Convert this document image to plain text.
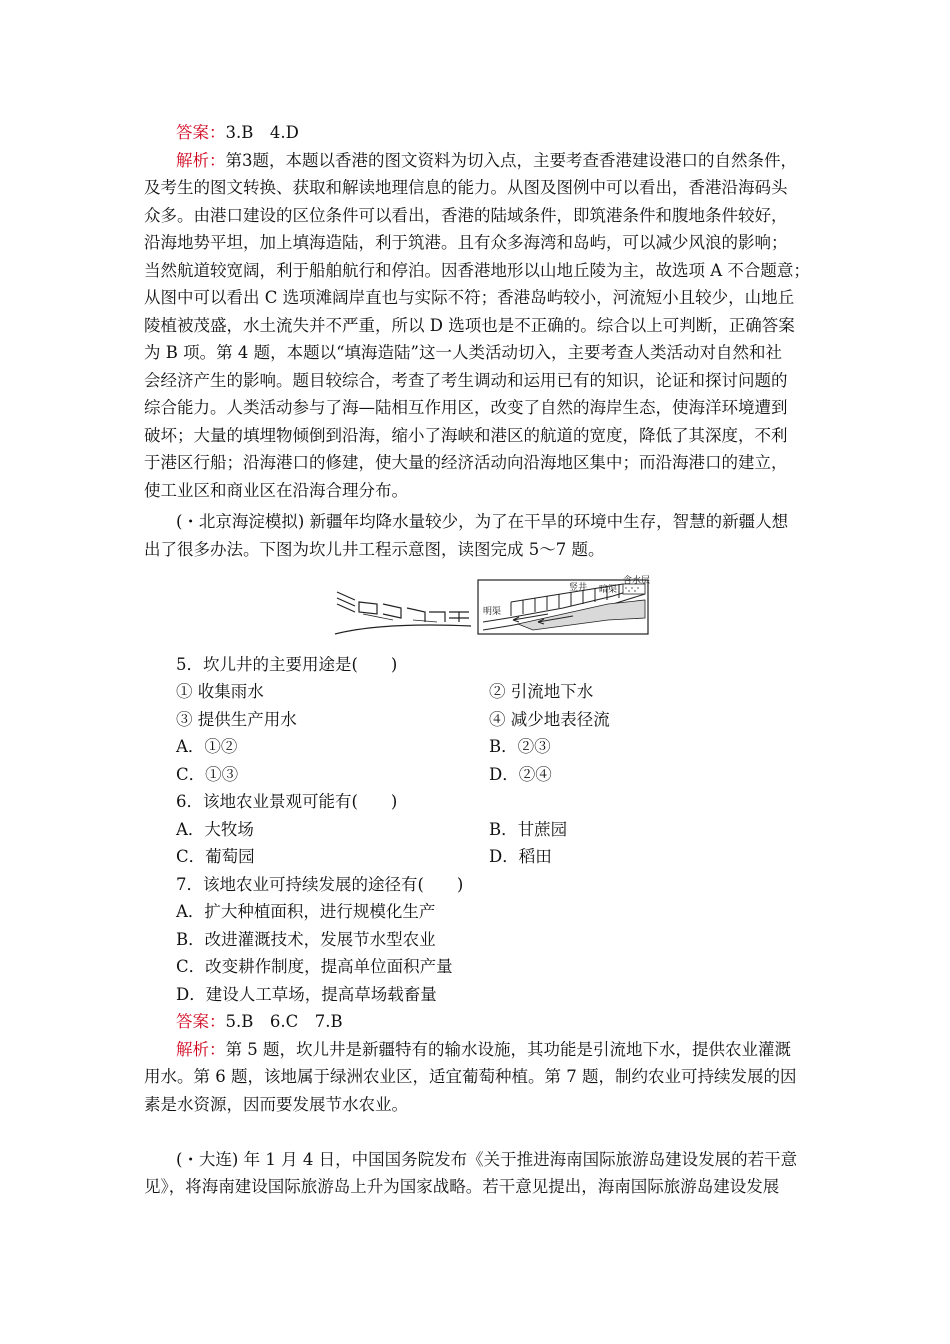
答案：3.B　4.D
解析：第3题，本题以香港的图文资料为切入点，主要考查香港建设港口的自然条件，
及考生的图文转换、获取和解读地理信息的能力。从图及图例中可以看出，香港沿海码头
众多。由港口建设的区位条件可以看出，香港的陆域条件，即筑港条件和腹地条件较好，
沿海地势平坦，加上填海造陆，利于筑港。且有众多海湾和岛屿，可以减少风浪的影响；
当然航道较宽阔，利于船舶航行和停泊。因香港地形以山地丘陵为主，故选项 A 不合题意；
从图中可以看出 C 选项滩阔岸直也与实际不符；香港岛屿较小，河流短小且较少，山地丘
陵植被茂盛，水土流失并不严重，所以 D 选项也是不正确的。综合以上可判断，正确答案
为 B 项。第 4 题，本题以“填海造陆”这一人类活动切入，主要考查人类活动对自然和社
会经济产生的影响。题目较综合，考查了考生调动和运用已有的知识，论证和探讨问题的
综合能力。人类活动参与了海—陆相互作用区，改变了自然的海岸生态，使海洋环境遭到
破坏；大量的填埋物倾倒到沿海，缩小了海峡和港区的航道的宽度，降低了其深度，不利
于港区行船；沿海港口的修建，使大量的经济活动向沿海地区集中；而沿海港口的建立，
使工业区和商业区在沿海合理分布。
(・北京海淀模拟) 新疆年均降水量较少，为了在干旱的环境中生存，智慧的新疆人想
出了很多办法。下图为坎儿井工程示意图，读图完成 5～7 题。
明渠
竖井 暗渠
含水层
5．坎儿井的主要用途是(　　)
① 收集雨水	② 引流地下水
③ 提供生产用水	④ 减少地表径流
A．①②	B．②③
C．①③	D．②④
6．该地农业景观可能有(　　)
A．大牧场	B．甘蔗园
C．葡萄园	D．稻田
7．该地农业可持续发展的途径有(　　)
A．扩大种植面积，进行规模化生产
B．改进灌溉技术，发展节水型农业
C．改变耕作制度，提高单位面积产量
D．建设人工草场，提高草场载畜量
答案：5.B　6.C　7.B
解析：第 5 题，坎儿井是新疆特有的输水设施，其功能是引流地下水，提供农业灌溉
用水。第 6 题，该地属于绿洲农业区，适宜葡萄种植。第 7 题，制约农业可持续发展的因
素是水资源，因而要发展节水农业。
(・大连) 年 1 月 4 日，中国国务院发布《关于推进海南国际旅游岛建设发展的若干意
见》，将海南建设国际旅游岛上升为国家战略。若干意见提出，海南国际旅游岛建设发展
